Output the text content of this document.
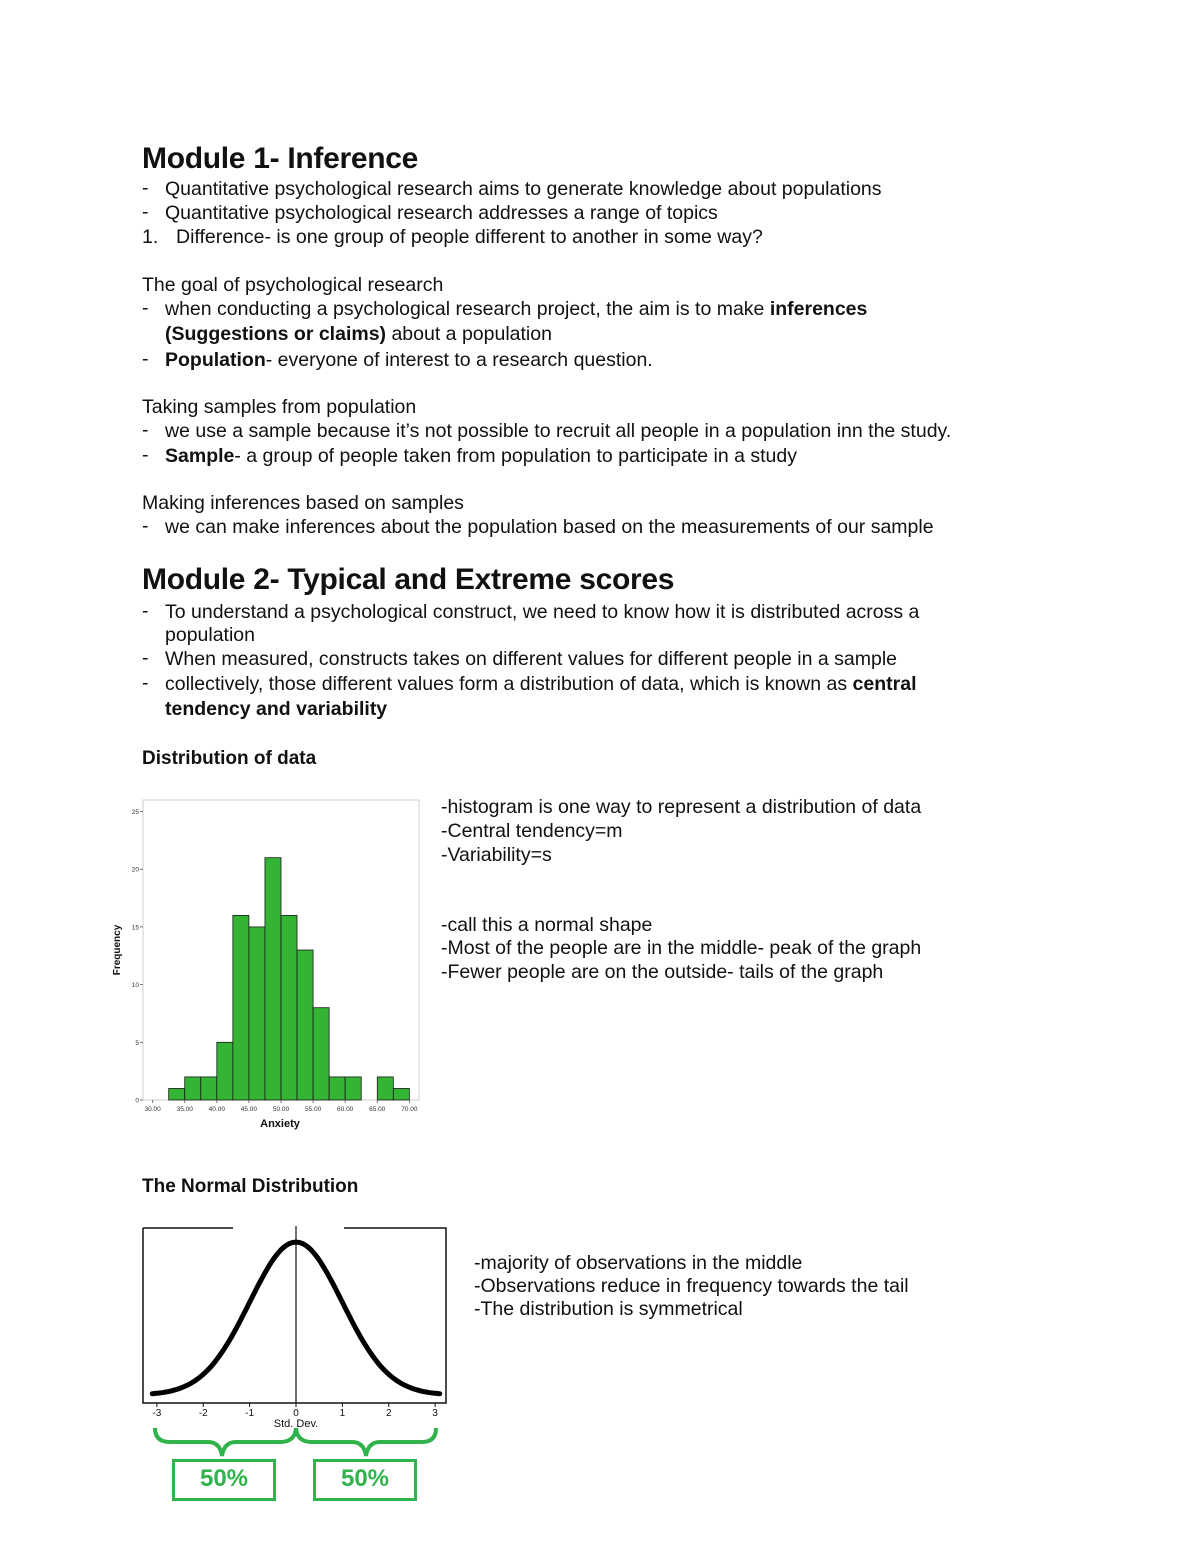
Module 1- Inference
- Quantitative psychological research aims to generate knowledge about populations
- Quantitative psychological research addresses a range of topics
1. Difference- is one group of people different to another in some way?
The goal of psychological research
- when conducting a psychological research project, the aim is to make inferences
(Suggestions or claims) about a population
- Population- everyone of interest to a research question.
Taking samples from population
- we use a sample because it’s not possible to recruit all people in a population inn the study.
- Sample- a group of people taken from population to participate in a study
Making inferences based on samples
- we can make inferences about the population based on the measurements of our sample
Module 2- Typical and Extreme scores
- To understand a psychological construct, we need to know how it is distributed across a
population
- When measured, constructs takes on different values for different people in a sample
- collectively, those different values form a distribution of data, which is known as central
tendency and variability
Distribution of data
0
5
10
15
20
25
30.00 35.00 40.00 45.00 50.00 55.00 60.00 65.00 70.00
Frequency
Anxiety
-histogram is one way to represent a distribution of data
-Central tendency=m
-Variability=s
-call this a normal shape
-Most of the people are in the middle- peak of the graph
-Fewer people are on the outside- tails of the graph
The Normal Distribution
-3	-2	-1	0	1	2	3
Std. Dev.
50%	50%
-majority of observations in the middle
-Observations reduce in frequency towards the tail
-The distribution is symmetrical
